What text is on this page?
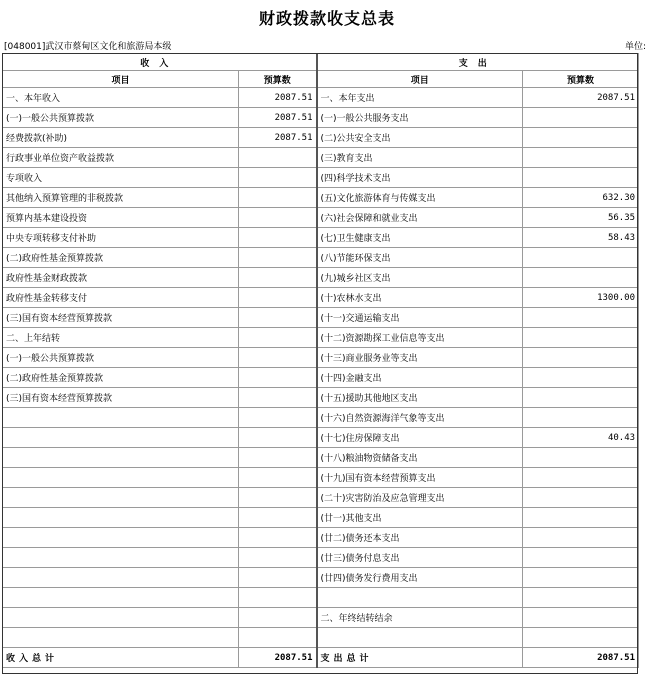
财政拨款收支总表
[048001]武汉市蔡甸区文化和旅游局本级	单位:
收入		支出	
项目	预算数	项目	预算数
一、本年收入	2087.51	一、本年支出	2087.51
(一)一般公共预算拨款	2087.51	(一)一般公共服务支出	
经费拨款(补助)	2087.51	(二)公共安全支出	
行政事业单位资产收益拨款		(三)教育支出	
专项收入		(四)科学技术支出	
其他纳入预算管理的非税拨款		(五)文化旅游体育与传媒支出	632.30
预算内基本建设投资		(六)社会保障和就业支出	56.35
中央专项转移支付补助		(七)卫生健康支出	58.43
(二)政府性基金预算拨款		(八)节能环保支出	
政府性基金财政拨款		(九)城乡社区支出	
政府性基金转移支付		(十)农林水支出	1300.00
(三)国有资本经营预算拨款		(十一)交通运输支出	
二、上年结转		(十二)资源勘探工业信息等支出	
(一)一般公共预算拨款		(十三)商业服务业等支出	
(二)政府性基金预算拨款		(十四)金融支出	
(三)国有资本经营预算拨款		(十五)援助其他地区支出	
		(十六)自然资源海洋气象等支出	
		(十七)住房保障支出	40.43
		(十八)粮油物资储备支出	
		(十九)国有资本经营预算支出	
		(二十)灾害防治及应急管理支出	
		(廿一)其他支出	
		(廿二)债务还本支出	
		(廿三)债务付息支出	
		(廿四)债务发行费用支出	

		二、年终结转结余	

收入总计	2087.51	支出总计	2087.51
